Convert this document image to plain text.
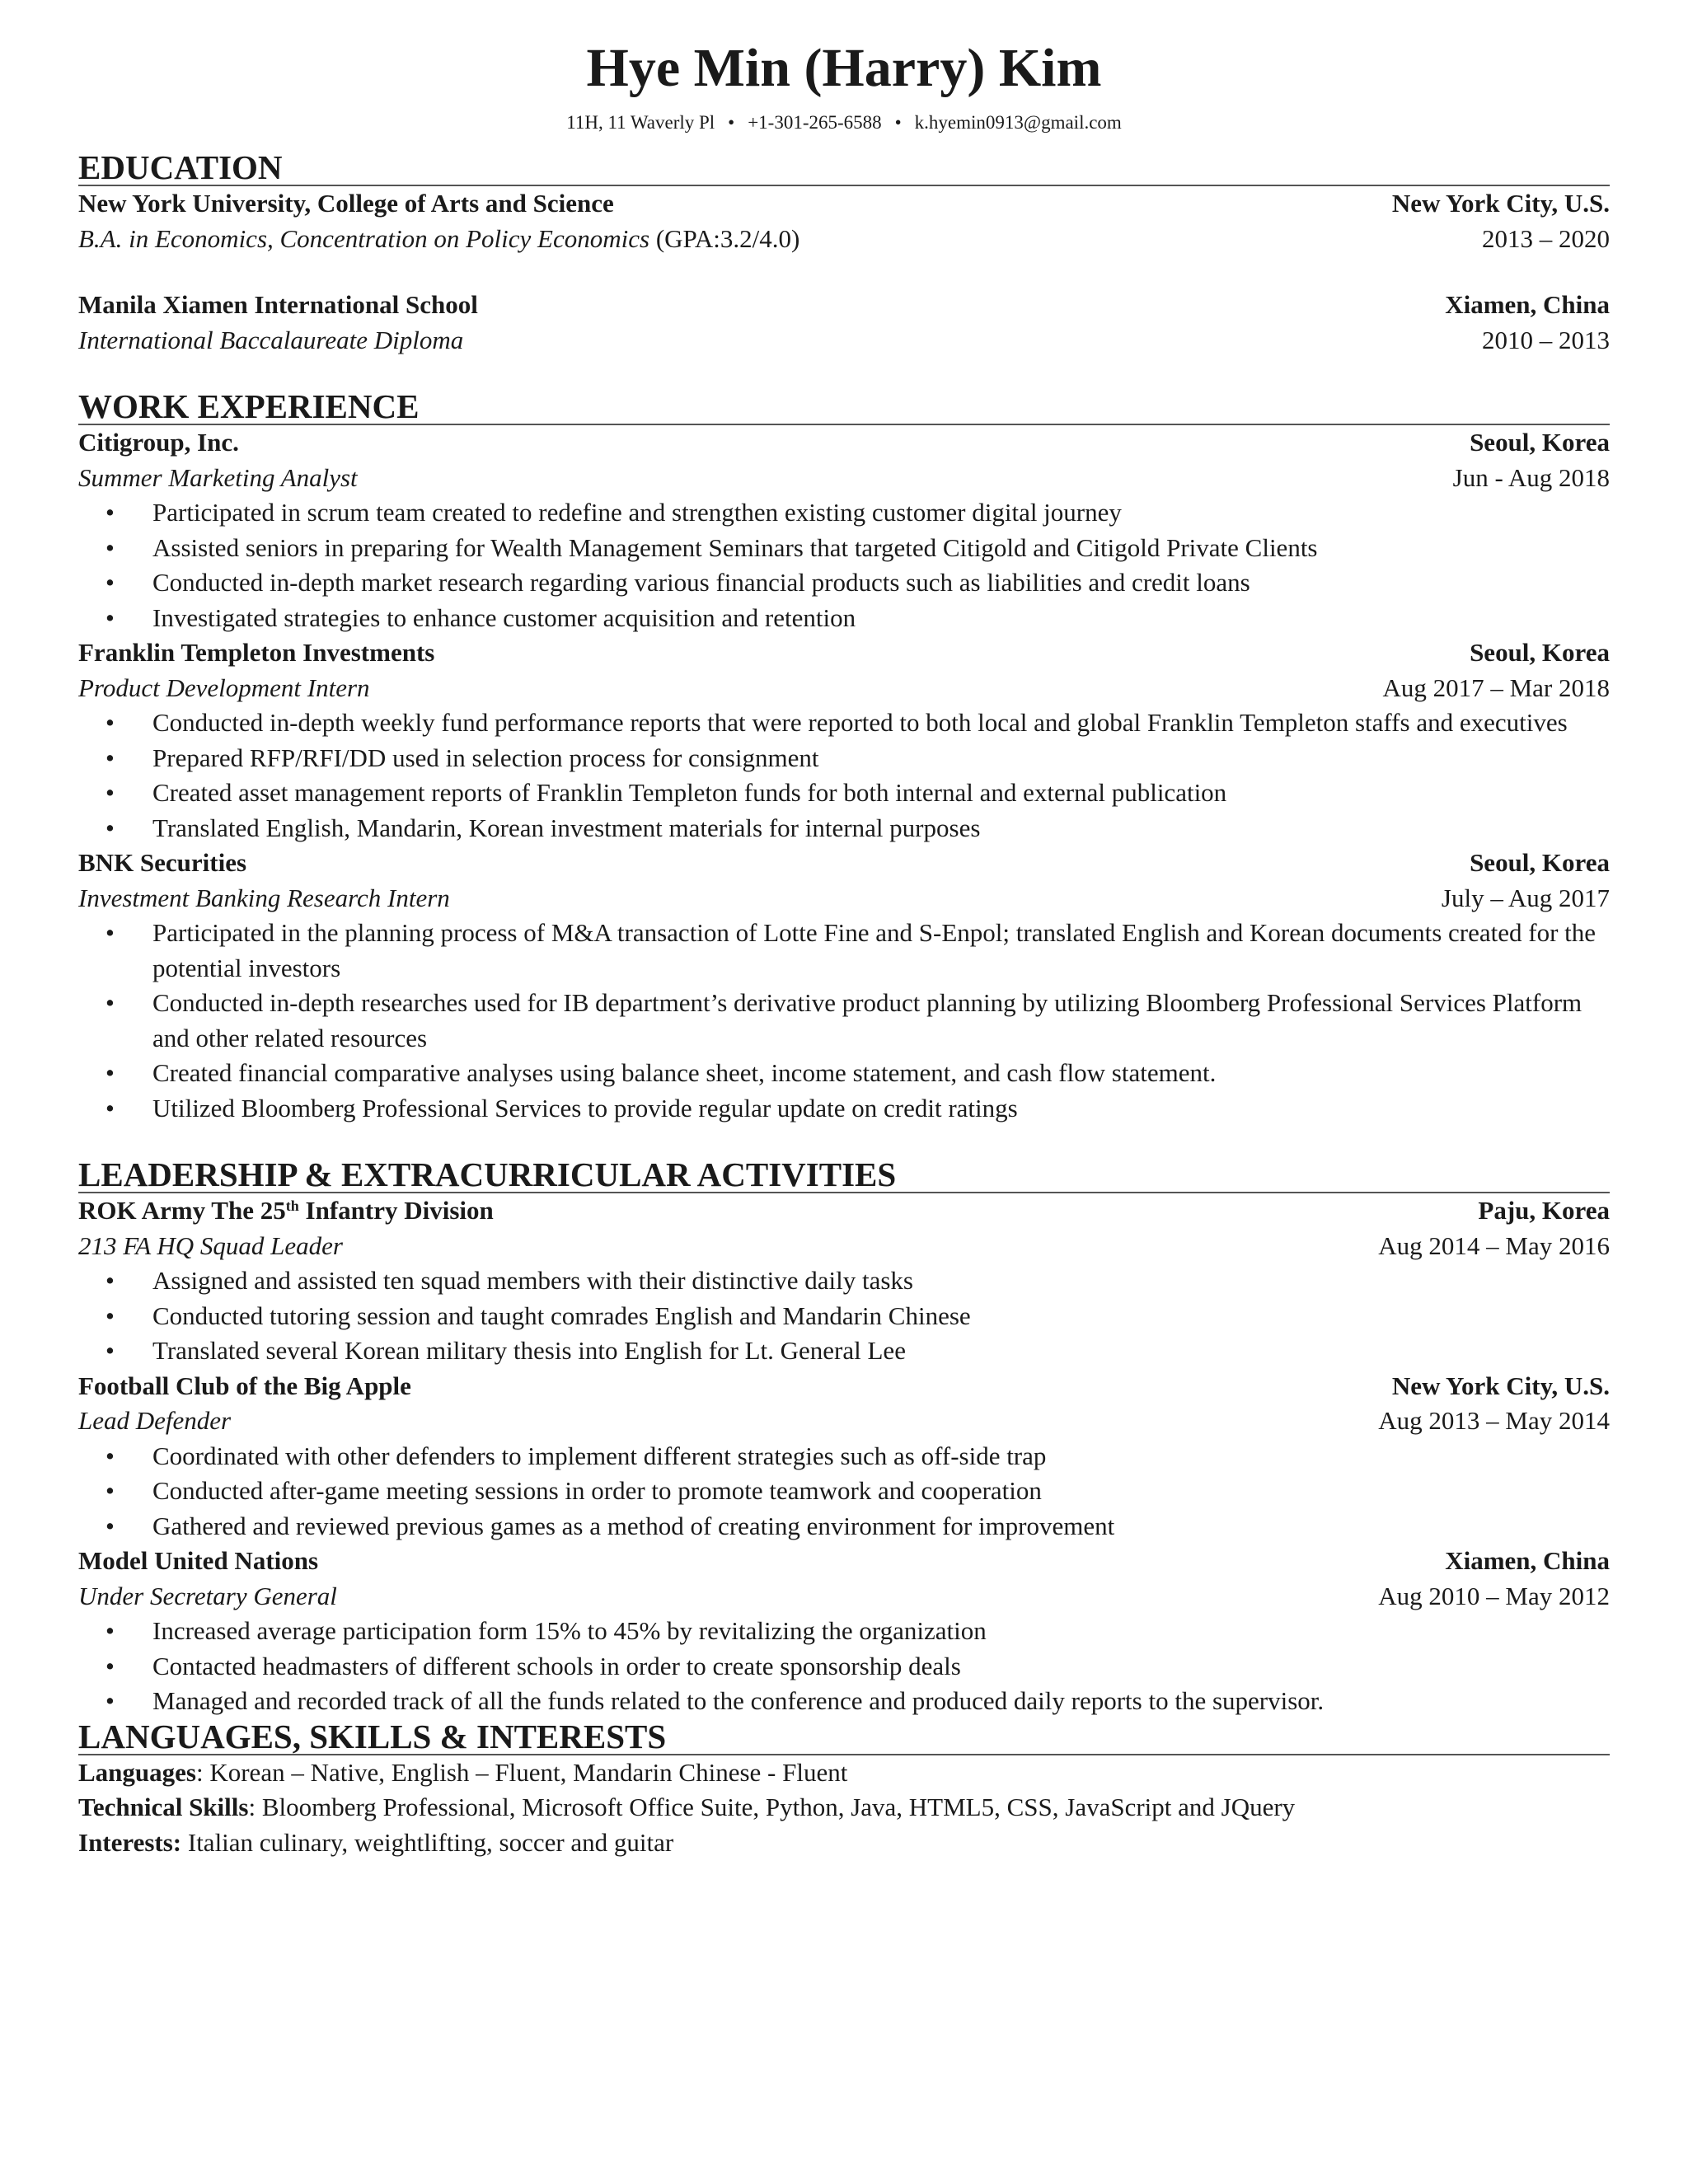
Hye Min (Harry) Kim
11H, 11 Waverly Pl • +1-301-265-6588 • k.hyemin0913@gmail.com
EDUCATION
New York University, College of Arts and Science	New York City, U.S.
B.A. in Economics, Concentration on Policy Economics (GPA:3.2/4.0)	2013 – 2020
Manila Xiamen International School	Xiamen, China
International Baccalaureate Diploma	2010 – 2013
WORK EXPERIENCE
Citigroup, Inc.	Seoul, Korea
Summer Marketing Analyst	Jun - Aug 2018
• Participated in scrum team created to redefine and strengthen existing customer digital journey
• Assisted seniors in preparing for Wealth Management Seminars that targeted Citigold and Citigold Private Clients
• Conducted in-depth market research regarding various financial products such as liabilities and credit loans
• Investigated strategies to enhance customer acquisition and retention
Franklin Templeton Investments	Seoul, Korea
Product Development Intern	Aug 2017 – Mar 2018
• Conducted in-depth weekly fund performance reports that were reported to both local and global Franklin Templeton staffs and executives
• Prepared RFP/RFI/DD used in selection process for consignment
• Created asset management reports of Franklin Templeton funds for both internal and external publication
• Translated English, Mandarin, Korean investment materials for internal purposes
BNK Securities	Seoul, Korea
Investment Banking Research Intern	July – Aug 2017
• Participated in the planning process of M&A transaction of Lotte Fine and S-Enpol; translated English and Korean documents created for the potential investors
• Conducted in-depth researches used for IB department’s derivative product planning by utilizing Bloomberg Professional Services Platform and other related resources
• Created financial comparative analyses using balance sheet, income statement, and cash flow statement.
• Utilized Bloomberg Professional Services to provide regular update on credit ratings
LEADERSHIP & EXTRACURRICULAR ACTIVITIES
ROK Army The 25th Infantry Division	Paju, Korea
213 FA HQ Squad Leader	Aug 2014 – May 2016
• Assigned and assisted ten squad members with their distinctive daily tasks
• Conducted tutoring session and taught comrades English and Mandarin Chinese
• Translated several Korean military thesis into English for Lt. General Lee
Football Club of the Big Apple	New York City, U.S.
Lead Defender	Aug 2013 – May 2014
• Coordinated with other defenders to implement different strategies such as off-side trap
• Conducted after-game meeting sessions in order to promote teamwork and cooperation
• Gathered and reviewed previous games as a method of creating environment for improvement
Model United Nations	Xiamen, China
Under Secretary General	Aug 2010 – May 2012
• Increased average participation form 15% to 45% by revitalizing the organization
• Contacted headmasters of different schools in order to create sponsorship deals
• Managed and recorded track of all the funds related to the conference and produced daily reports to the supervisor.
LANGUAGES, SKILLS & INTERESTS
Languages: Korean – Native, English – Fluent, Mandarin Chinese - Fluent
Technical Skills: Bloomberg Professional, Microsoft Office Suite, Python, Java, HTML5, CSS, JavaScript and JQuery
Interests: Italian culinary, weightlifting, soccer and guitar
